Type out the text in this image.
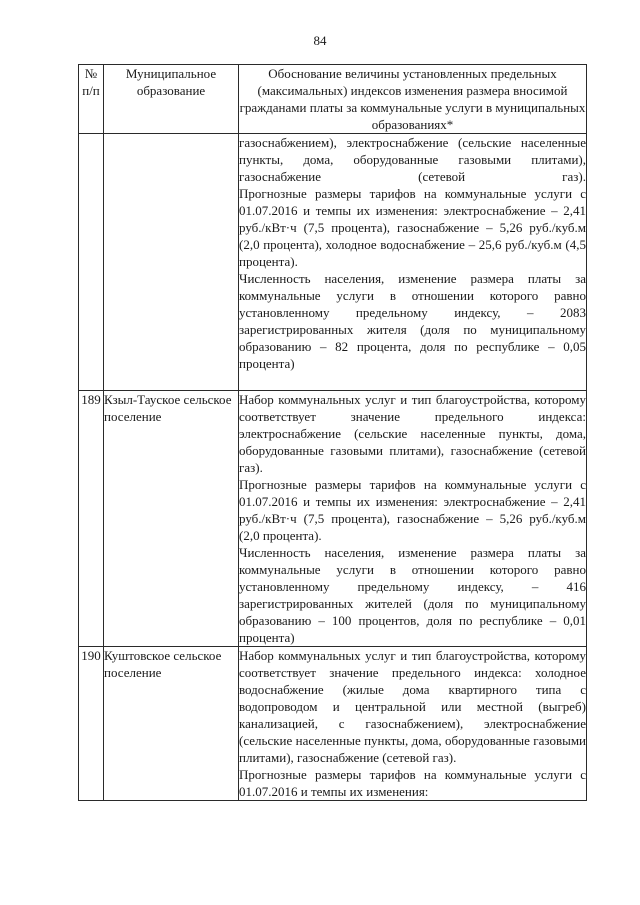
84
№ п/п	Муниципальное образование	Обоснование величины установленных предельных (максимальных) индексов изменения размера вносимой гражданами платы за коммунальные услуги в муниципальных образованиях*

		газоснабжением), электроснабжение (сельские населенные пункты, дома, оборудованные газовыми плитами), газоснабжение (сетевой газ).
Прогнозные размеры тарифов на коммунальные услуги с 01.07.2016 и темпы их изменения: электроснабжение – 2,41 руб./кВт·ч (7,5 процента), газоснабжение – 5,26 руб./куб.м (2,0 процента), холодное водоснабжение – 25,6 руб./куб.м (4,5 процента).
Численность населения, изменение размера платы за коммунальные услуги в отношении которого равно установленному предельному индексу, – 2083 зарегистрированных жителя (доля по муниципальному образованию – 82 процента, доля по республике – 0,05 процента)

189	Кзыл-Тауское сельское поселение	Набор коммунальных услуг и тип благоустройства, которому соответствует значение предельного индекса: электроснабжение (сельские населенные пункты, дома, оборудованные газовыми плитами), газоснабжение (сетевой газ).
Прогнозные размеры тарифов на коммунальные услуги с 01.07.2016 и темпы их изменения: электроснабжение – 2,41 руб./кВт·ч (7,5 процента), газоснабжение – 5,26 руб./куб.м (2,0 процента).
Численность населения, изменение размера платы за коммунальные услуги в отношении которого равно установленному предельному индексу, – 416 зарегистрированных жителей (доля по муниципальному образованию – 100 процентов, доля по республике – 0,01 процента)

190	Куштовское сельское поселение	Набор коммунальных услуг и тип благоустройства, которому соответствует значение предельного индекса: холодное водоснабжение (жилые дома квартирного типа с водопроводом и центральной или местной (выгреб) канализацией, с газоснабжением), электроснабжение (сельские населенные пункты, дома, оборудованные газовыми плитами), газоснабжение (сетевой газ).
Прогнозные размеры тарифов на коммунальные услуги с 01.07.2016 и темпы их изменения:
